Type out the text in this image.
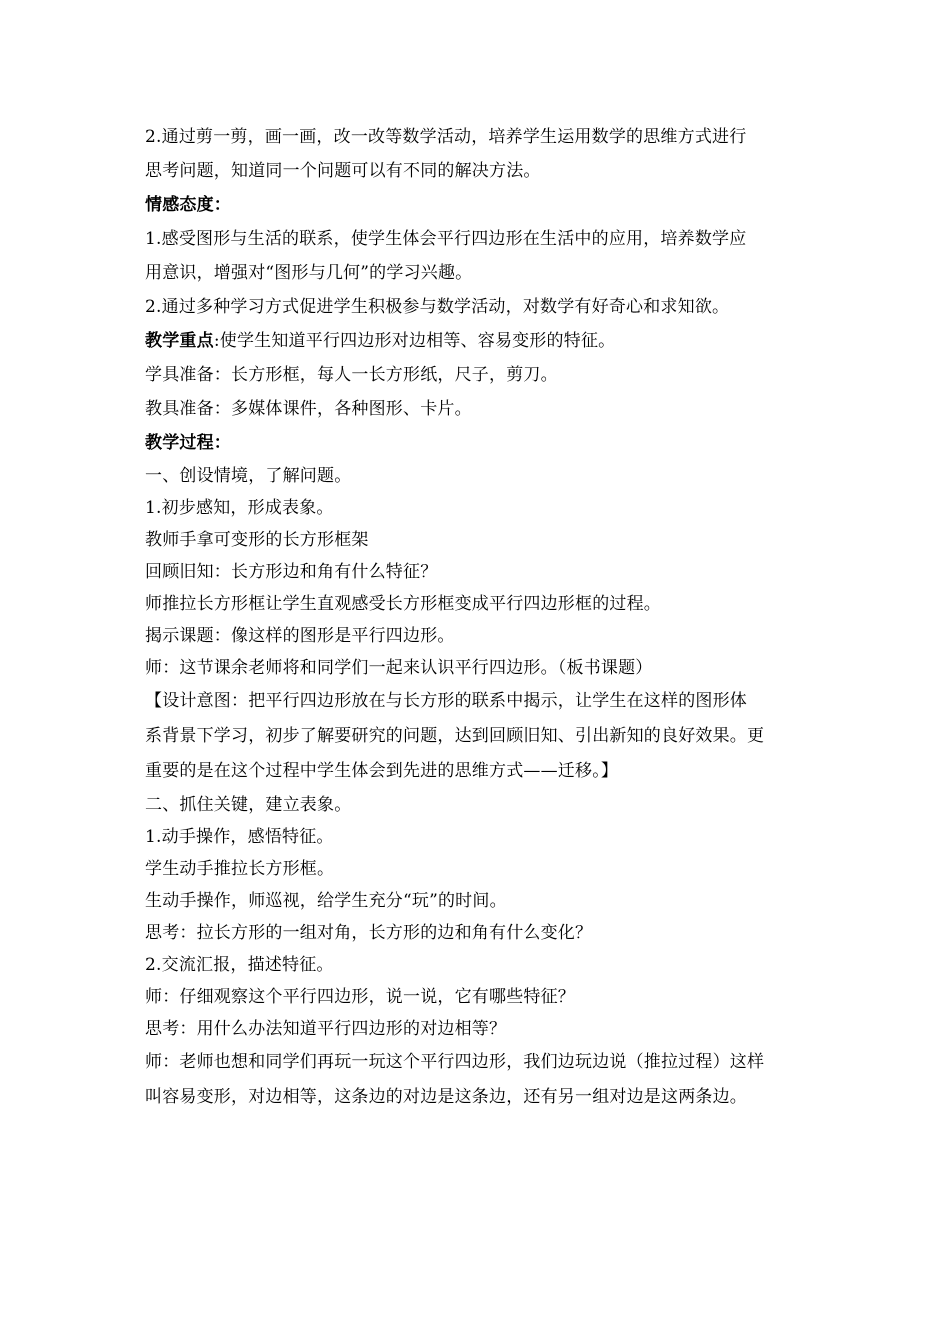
2.通过剪一剪，画一画，改一改等数学活动，培养学生运用数学的思维方式进行
思考问题，知道同一个问题可以有不同的解决方法。
情感态度：
1.感受图形与生活的联系，使学生体会平行四边形在生活中的应用，培养数学应
用意识，增强对“图形与几何”的学习兴趣。
2.通过多种学习方式促进学生积极参与数学活动，对数学有好奇心和求知欲。
教学重点:使学生知道平行四边形对边相等、容易变形的特征。
学具准备：长方形框，每人一长方形纸，尺子，剪刀。
教具准备：多媒体课件，各种图形、卡片。
教学过程：
一、创设情境，了解问题。
1.初步感知，形成表象。
教师手拿可变形的长方形框架
回顾旧知：长方形边和角有什么特征？
师推拉长方形框让学生直观感受长方形框变成平行四边形框的过程。
揭示课题：像这样的图形是平行四边形。
师：这节课余老师将和同学们一起来认识平行四边形。（板书课题）
【设计意图：把平行四边形放在与长方形的联系中揭示，让学生在这样的图形体
系背景下学习，初步了解要研究的问题，达到回顾旧知、引出新知的良好效果。更
重要的是在这个过程中学生体会到先进的思维方式——迁移。】
二、抓住关键，建立表象。
1.动手操作，感悟特征。
学生动手推拉长方形框。
生动手操作，师巡视，给学生充分“玩”的时间。
思考：拉长方形的一组对角，长方形的边和角有什么变化？
2.交流汇报，描述特征。
师：仔细观察这个平行四边形，说一说，它有哪些特征？
思考：用什么办法知道平行四边形的对边相等？
师：老师也想和同学们再玩一玩这个平行四边形，我们边玩边说（推拉过程）这样
叫容易变形，对边相等，这条边的对边是这条边，还有另一组对边是这两条边。
